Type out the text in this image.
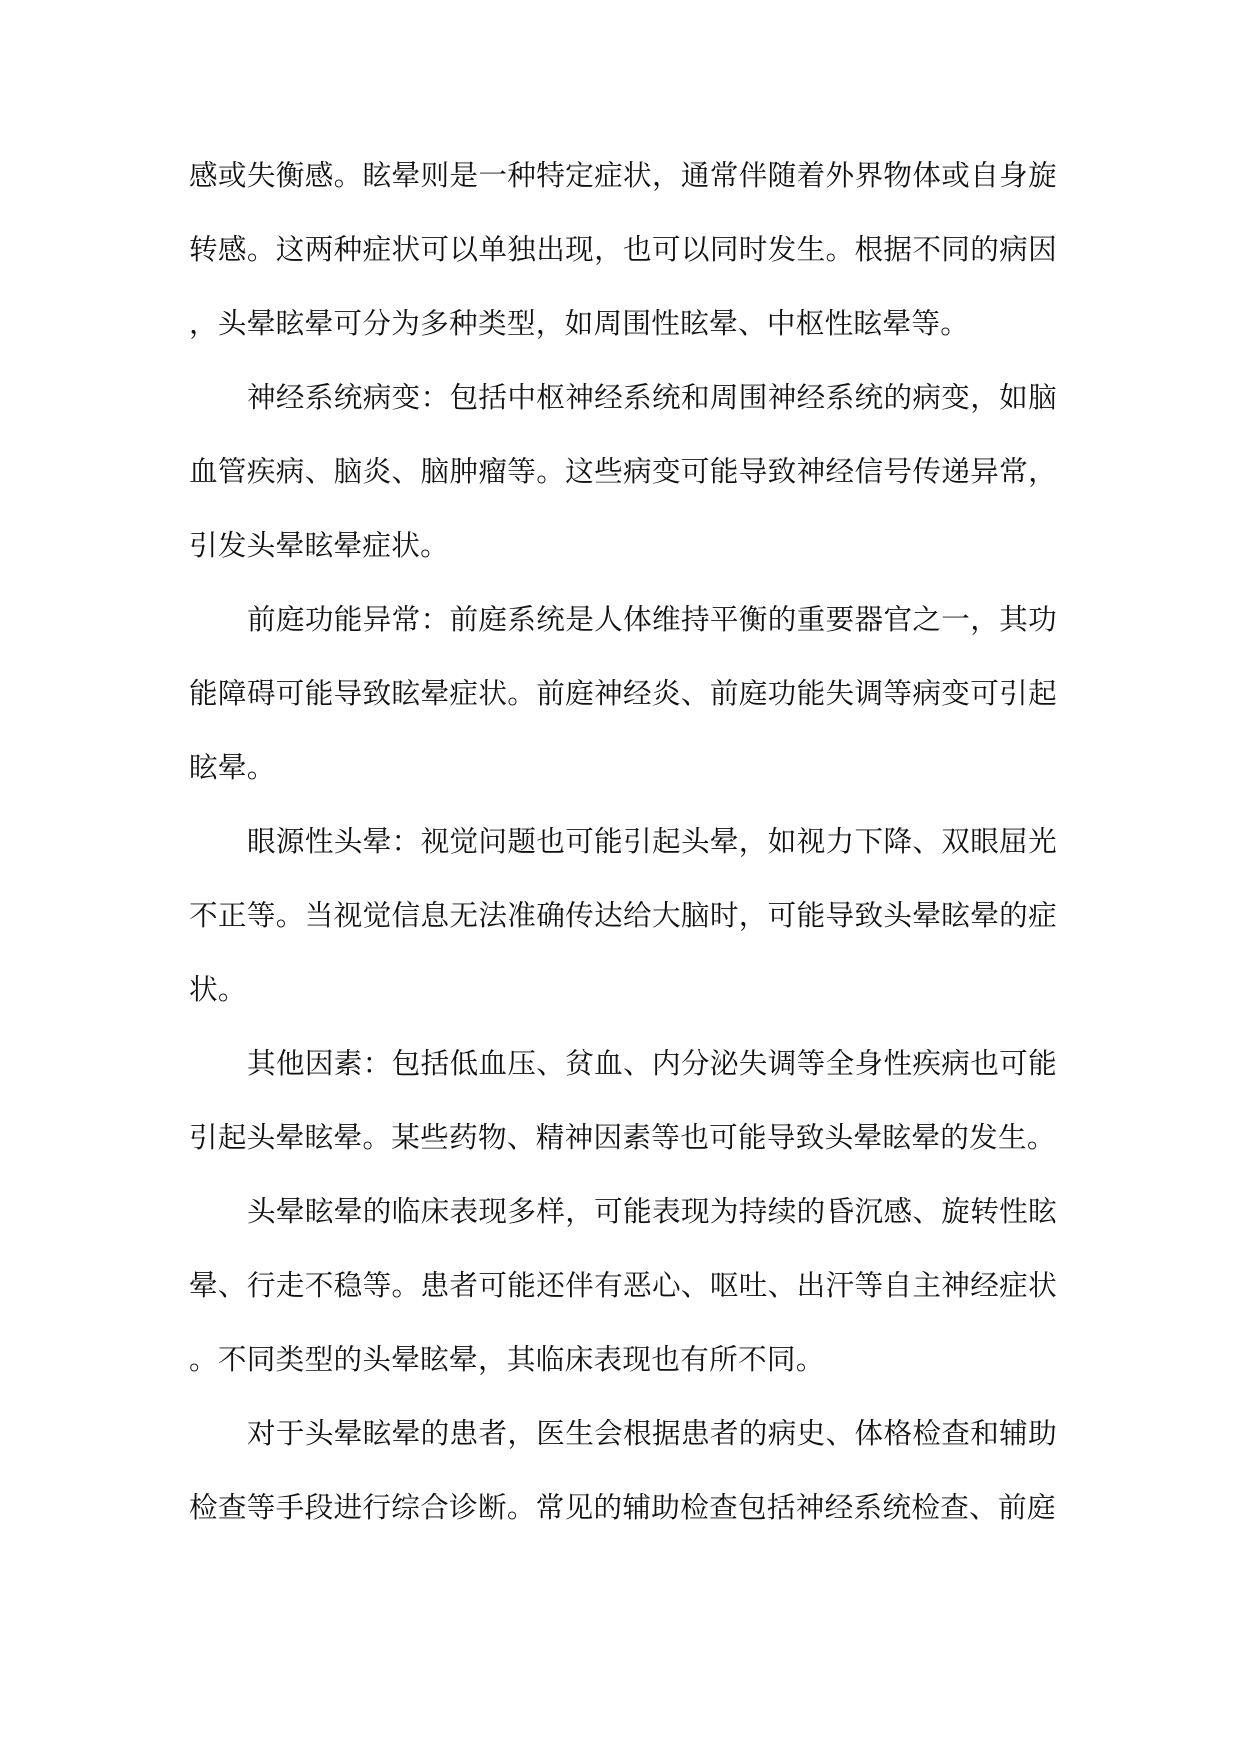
感或失衡感。眩晕则是一种特定症状，通常伴随着外界物体或自身旋转感。这两种症状可以单独出现，也可以同时发生。根据不同的病因，头晕眩晕可分为多种类型，如周围性眩晕、中枢性眩晕等。

神经系统病变：包括中枢神经系统和周围神经系统的病变，如脑血管疾病、脑炎、脑肿瘤等。这些病变可能导致神经信号传递异常，引发头晕眩晕症状。

前庭功能异常：前庭系统是人体维持平衡的重要器官之一，其功能障碍可能导致眩晕症状。前庭神经炎、前庭功能失调等病变可引起眩晕。

眼源性头晕：视觉问题也可能引起头晕，如视力下降、双眼屈光不正等。当视觉信息无法准确传达给大脑时，可能导致头晕眩晕的症状。

其他因素：包括低血压、贫血、内分泌失调等全身性疾病也可能引起头晕眩晕。某些药物、精神因素等也可能导致头晕眩晕的发生。

头晕眩晕的临床表现多样，可能表现为持续的昏沉感、旋转性眩晕、行走不稳等。患者可能还伴有恶心、呕吐、出汗等自主神经症状。不同类型的头晕眩晕，其临床表现也有所不同。

对于头晕眩晕的患者，医生会根据患者的病史、体格检查和辅助检查等手段进行综合诊断。常见的辅助检查包括神经系统检查、前庭
